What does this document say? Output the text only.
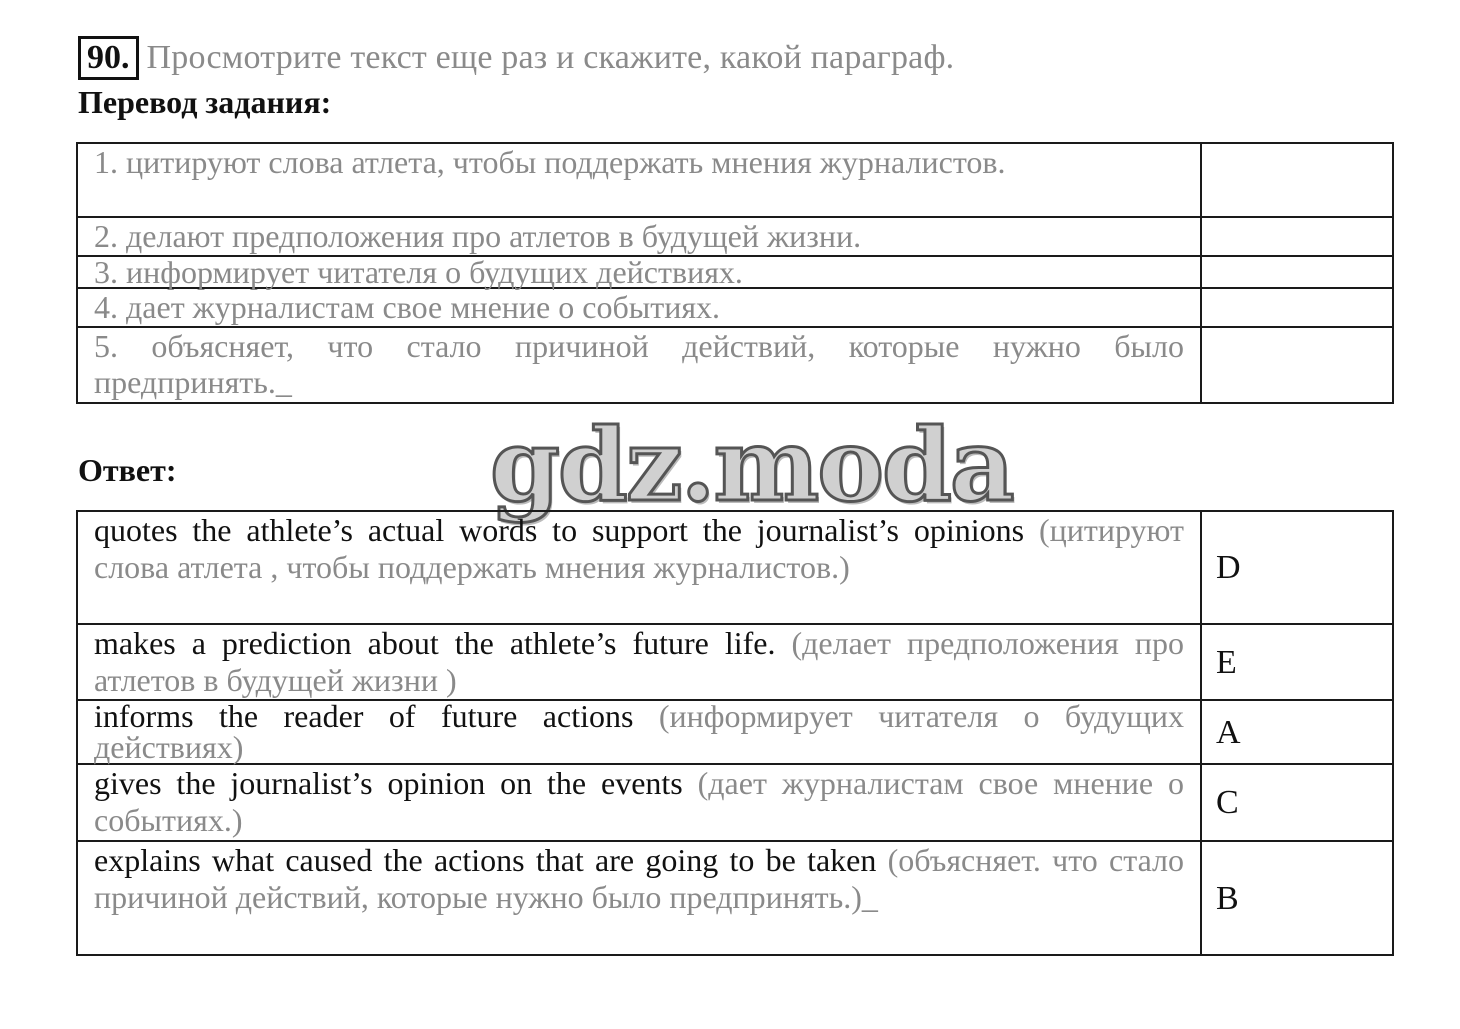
90. Просмотрите текст еще раз и скажите, какой параграф.
Перевод задания:
1. цитируют слова атлета, чтобы поддержать мнения журналистов.	
2. делают предположения про атлетов в будущей жизни.	
3. информирует читателя о будущих действиях.	
4. дает журналистам свое мнение о событиях.	
5. объясняет, что стало причиной действий, которые нужно было предпринять._	
Ответ:	gdz.moda
quotes the athlete’s actual words to support the journalist’s opinions (цитируют слова атлета , чтобы поддержать мнения журналистов.)	D
makes a prediction about the athlete’s future life. (делает предположения про атлетов в будущей жизни )	E
informs the reader of future actions (информирует читателя о будущих действиях)	A
gives the journalist’s opinion on the events (дает журналистам свое мнение о событиях.)	C
explains what caused the actions that are going to be taken (объясняет. что стало причиной действий, которые нужно было предпринять.)_	B
